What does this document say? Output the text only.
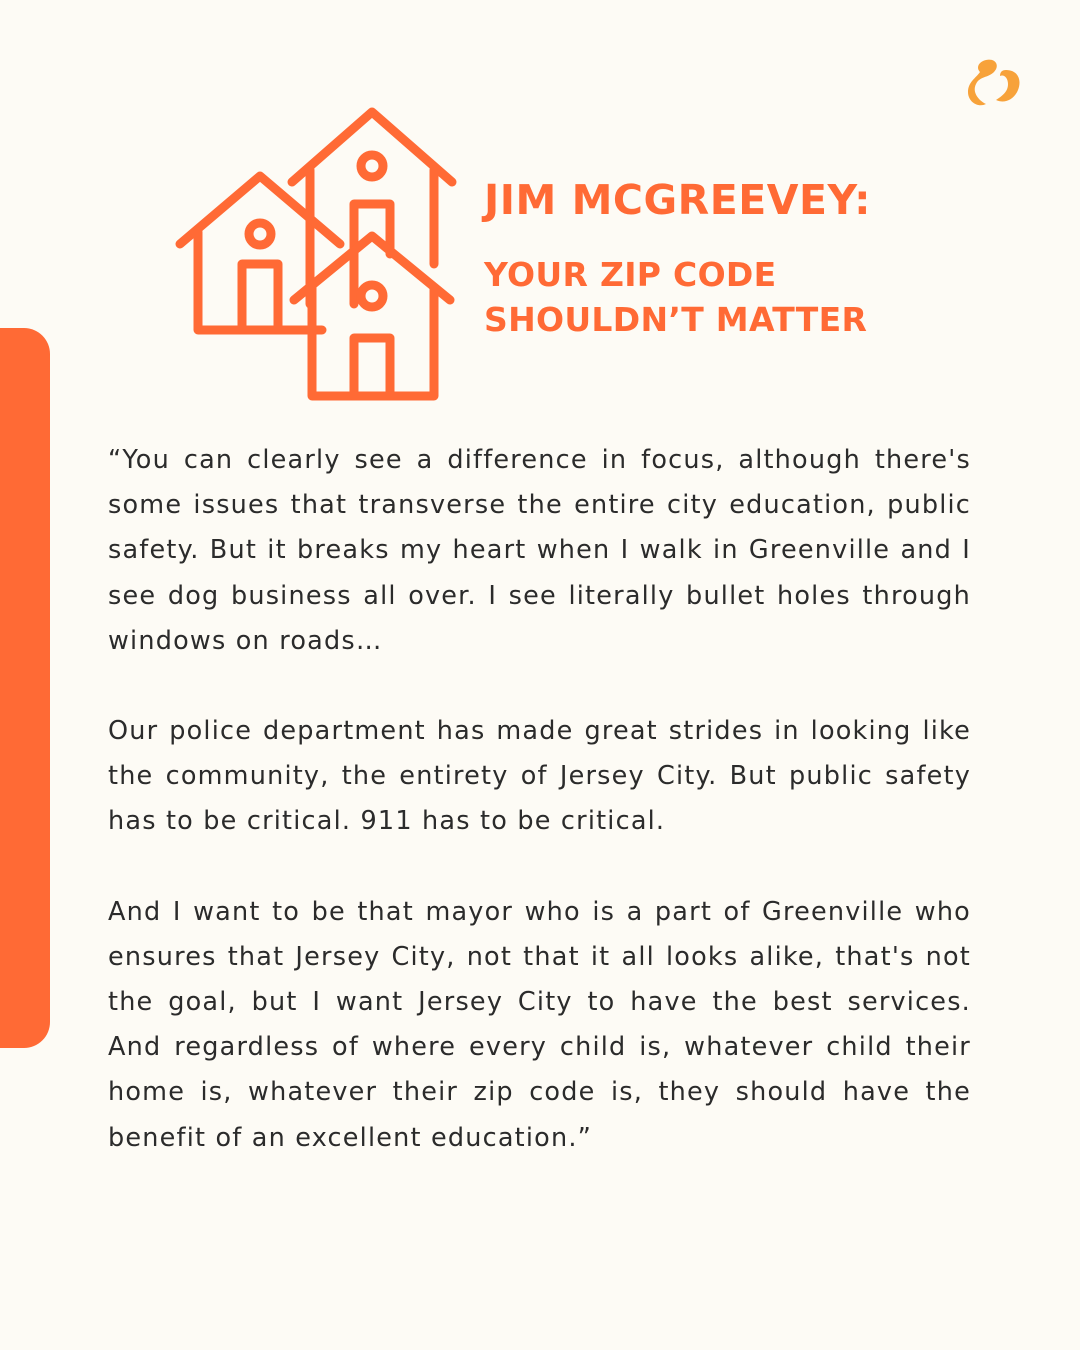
JIM MCGREEVEY:
YOUR ZIP CODE
SHOULDN’T MATTER

“You can clearly see a difference in focus, although there's some issues that transverse the entire city education, public safety. But it breaks my heart when I walk in Greenville and I see dog business all over. I see literally bullet holes through windows on roads…

Our police department has made great strides in looking like the community, the entirety of Jersey City. But public safety has to be critical. 911 has to be critical.

And I want to be that mayor who is a part of Greenville who ensures that Jersey City, not that it all looks alike, that's not the goal, but I want Jersey City to have the best services. And regardless of where every child is, whatever child their home is, whatever their zip code is, they should have the benefit of an excellent education.”
